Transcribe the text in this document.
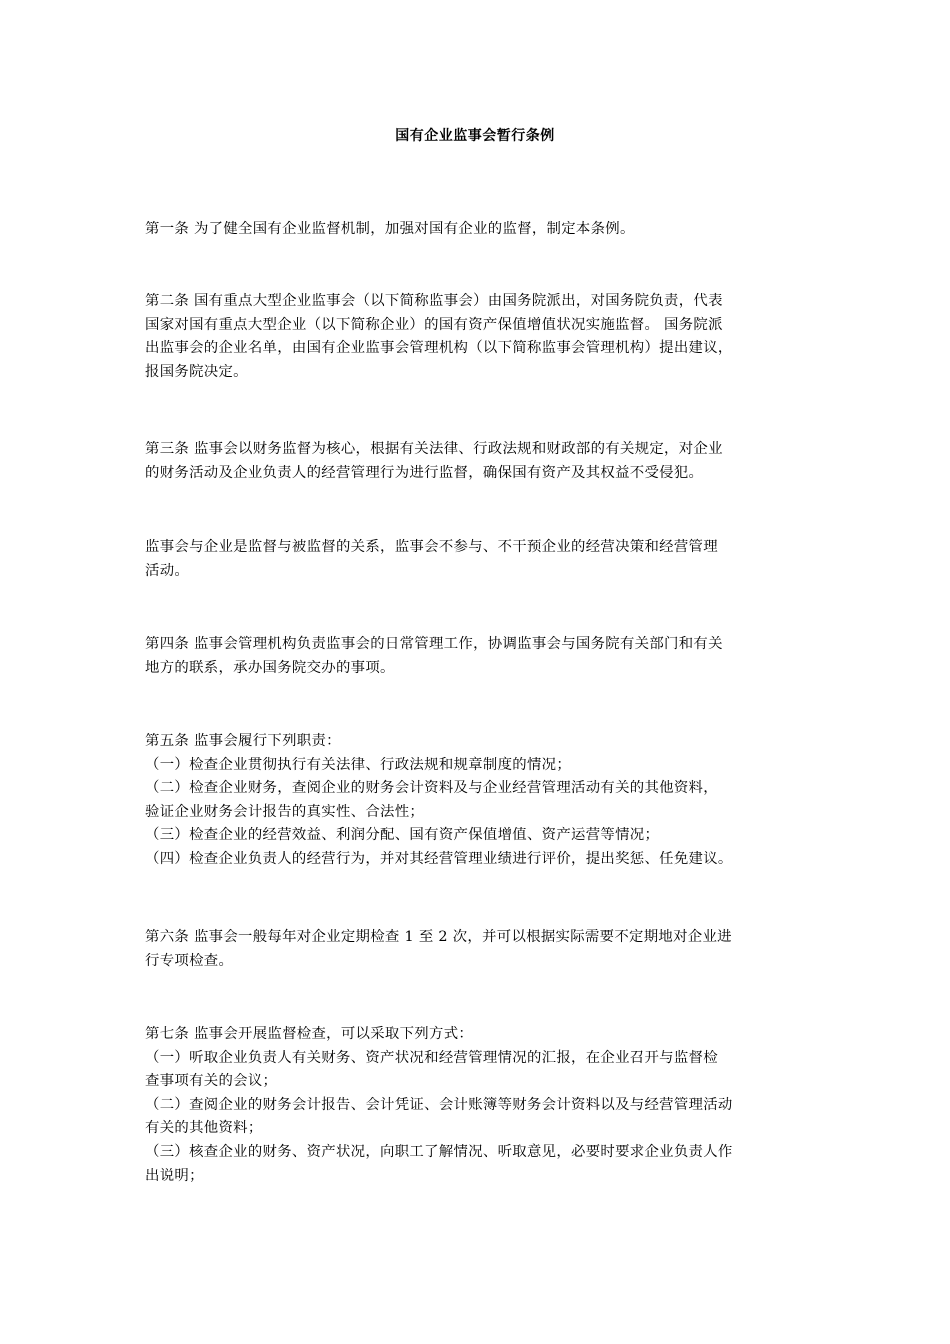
国有企业监事会暂行条例
第一条 为了健全国有企业监督机制，加强对国有企业的监督，制定本条例。
第二条 国有重点大型企业监事会（以下简称监事会）由国务院派出，对国务院负责，代表
国家对国有重点大型企业（以下简称企业）的国有资产保值增值状况实施监督。 国务院派
出监事会的企业名单，由国有企业监事会管理机构（以下简称监事会管理机构）提出建议，
报国务院决定。
第三条 监事会以财务监督为核心，根据有关法律、行政法规和财政部的有关规定，对企业
的财务活动及企业负责人的经营管理行为进行监督，确保国有资产及其权益不受侵犯。
监事会与企业是监督与被监督的关系，监事会不参与、不干预企业的经营决策和经营管理
活动。
第四条 监事会管理机构负责监事会的日常管理工作，协调监事会与国务院有关部门和有关
地方的联系，承办国务院交办的事项。
第五条 监事会履行下列职责：
（一）检查企业贯彻执行有关法律、行政法规和规章制度的情况；
（二）检查企业财务，查阅企业的财务会计资料及与企业经营管理活动有关的其他资料，
验证企业财务会计报告的真实性、合法性；
（三）检查企业的经营效益、利润分配、国有资产保值增值、资产运营等情况；
（四）检查企业负责人的经营行为，并对其经营管理业绩进行评价，提出奖惩、任免建议。
第六条 监事会一般每年对企业定期检查 1 至 2 次，并可以根据实际需要不定期地对企业进
行专项检查。
第七条 监事会开展监督检查，可以采取下列方式：
（一）听取企业负责人有关财务、资产状况和经营管理情况的汇报，在企业召开与监督检
查事项有关的会议；
（二）查阅企业的财务会计报告、会计凭证、会计账簿等财务会计资料以及与经营管理活动
有关的其他资料；
（三）核查企业的财务、资产状况，向职工了解情况、听取意见，必要时要求企业负责人作
出说明；
